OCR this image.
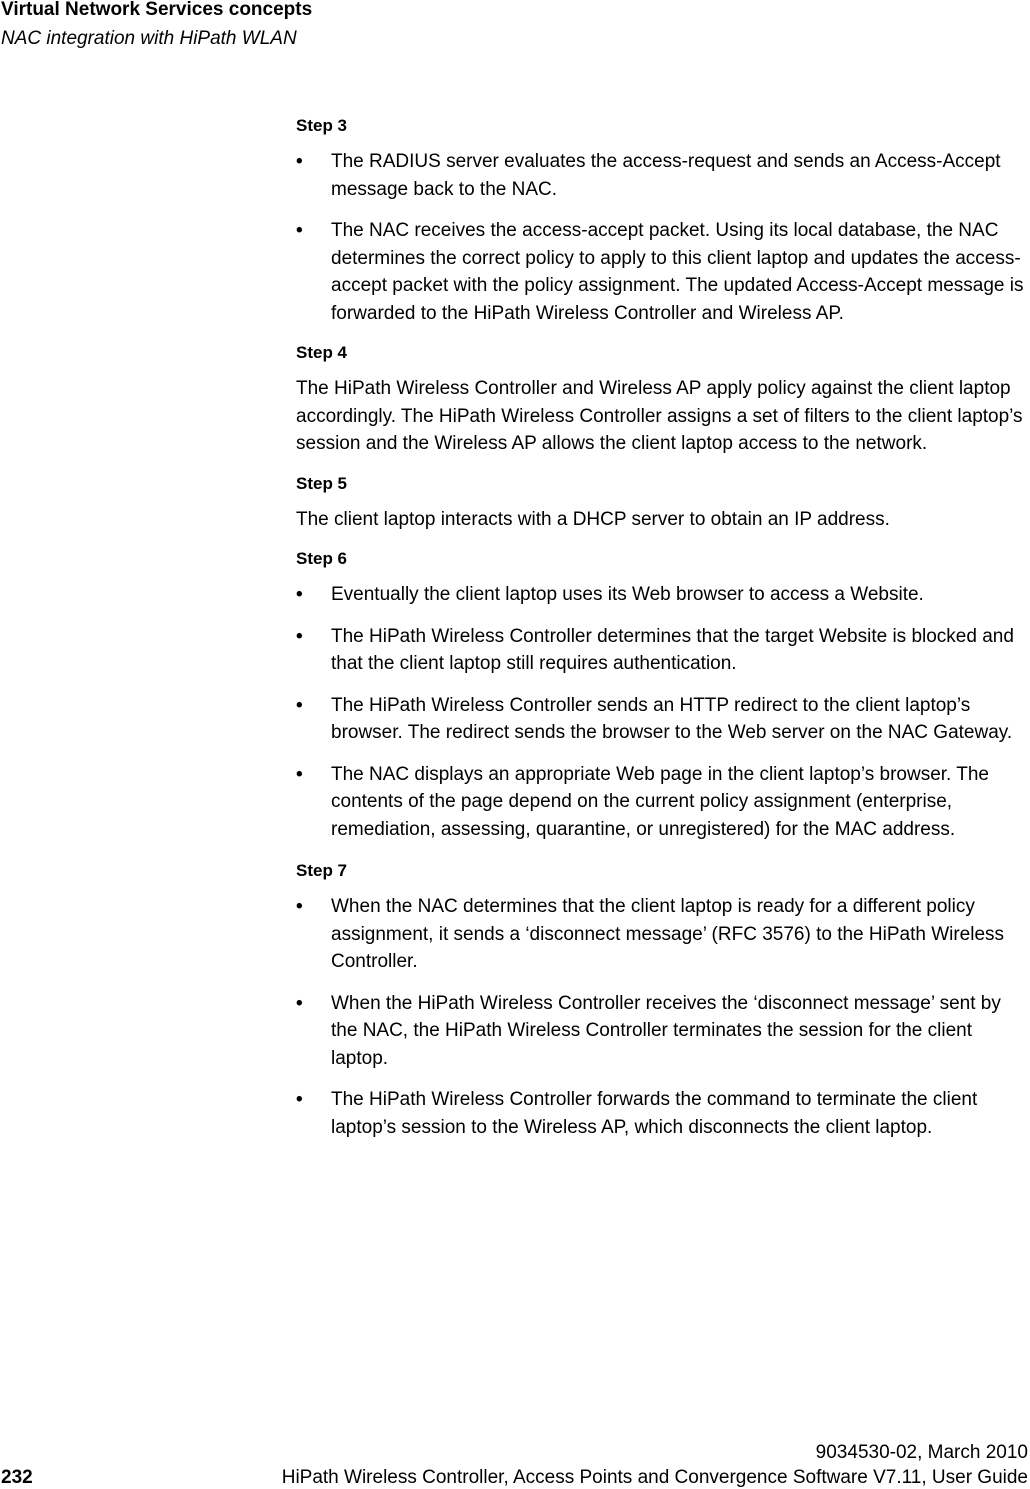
Virtual Network Services concepts
NAC integration with HiPath WLAN
Step 3
• The RADIUS server evaluates the access-request and sends an Access-Accept message back to the NAC.
• The NAC receives the access-accept packet. Using its local database, the NAC determines the correct policy to apply to this client laptop and updates the access-accept packet with the policy assignment. The updated Access-Accept message is forwarded to the HiPath Wireless Controller and Wireless AP.
Step 4

The HiPath Wireless Controller and Wireless AP apply policy against the client laptop accordingly. The HiPath Wireless Controller assigns a set of filters to the client laptop’s session and the Wireless AP allows the client laptop access to the network.

Step 5

The client laptop interacts with a DHCP server to obtain an IP address.

Step 6
• Eventually the client laptop uses its Web browser to access a Website.
• The HiPath Wireless Controller determines that the target Website is blocked and that the client laptop still requires authentication.
• The HiPath Wireless Controller sends an HTTP redirect to the client laptop’s browser. The redirect sends the browser to the Web server on the NAC Gateway.
• The NAC displays an appropriate Web page in the client laptop’s browser. The contents of the page depend on the current policy assignment (enterprise, remediation, assessing, quarantine, or unregistered) for the MAC address.
Step 7
• When the NAC determines that the client laptop is ready for a different policy assignment, it sends a ‘disconnect message’ (RFC 3576) to the HiPath Wireless Controller.
• When the HiPath Wireless Controller receives the ‘disconnect message’ sent by the NAC, the HiPath Wireless Controller terminates the session for the client laptop.
• The HiPath Wireless Controller forwards the command to terminate the client laptop’s session to the Wireless AP, which disconnects the client laptop.
9034530-02, March 2010
232	HiPath Wireless Controller, Access Points and Convergence Software V7.11, User Guide
